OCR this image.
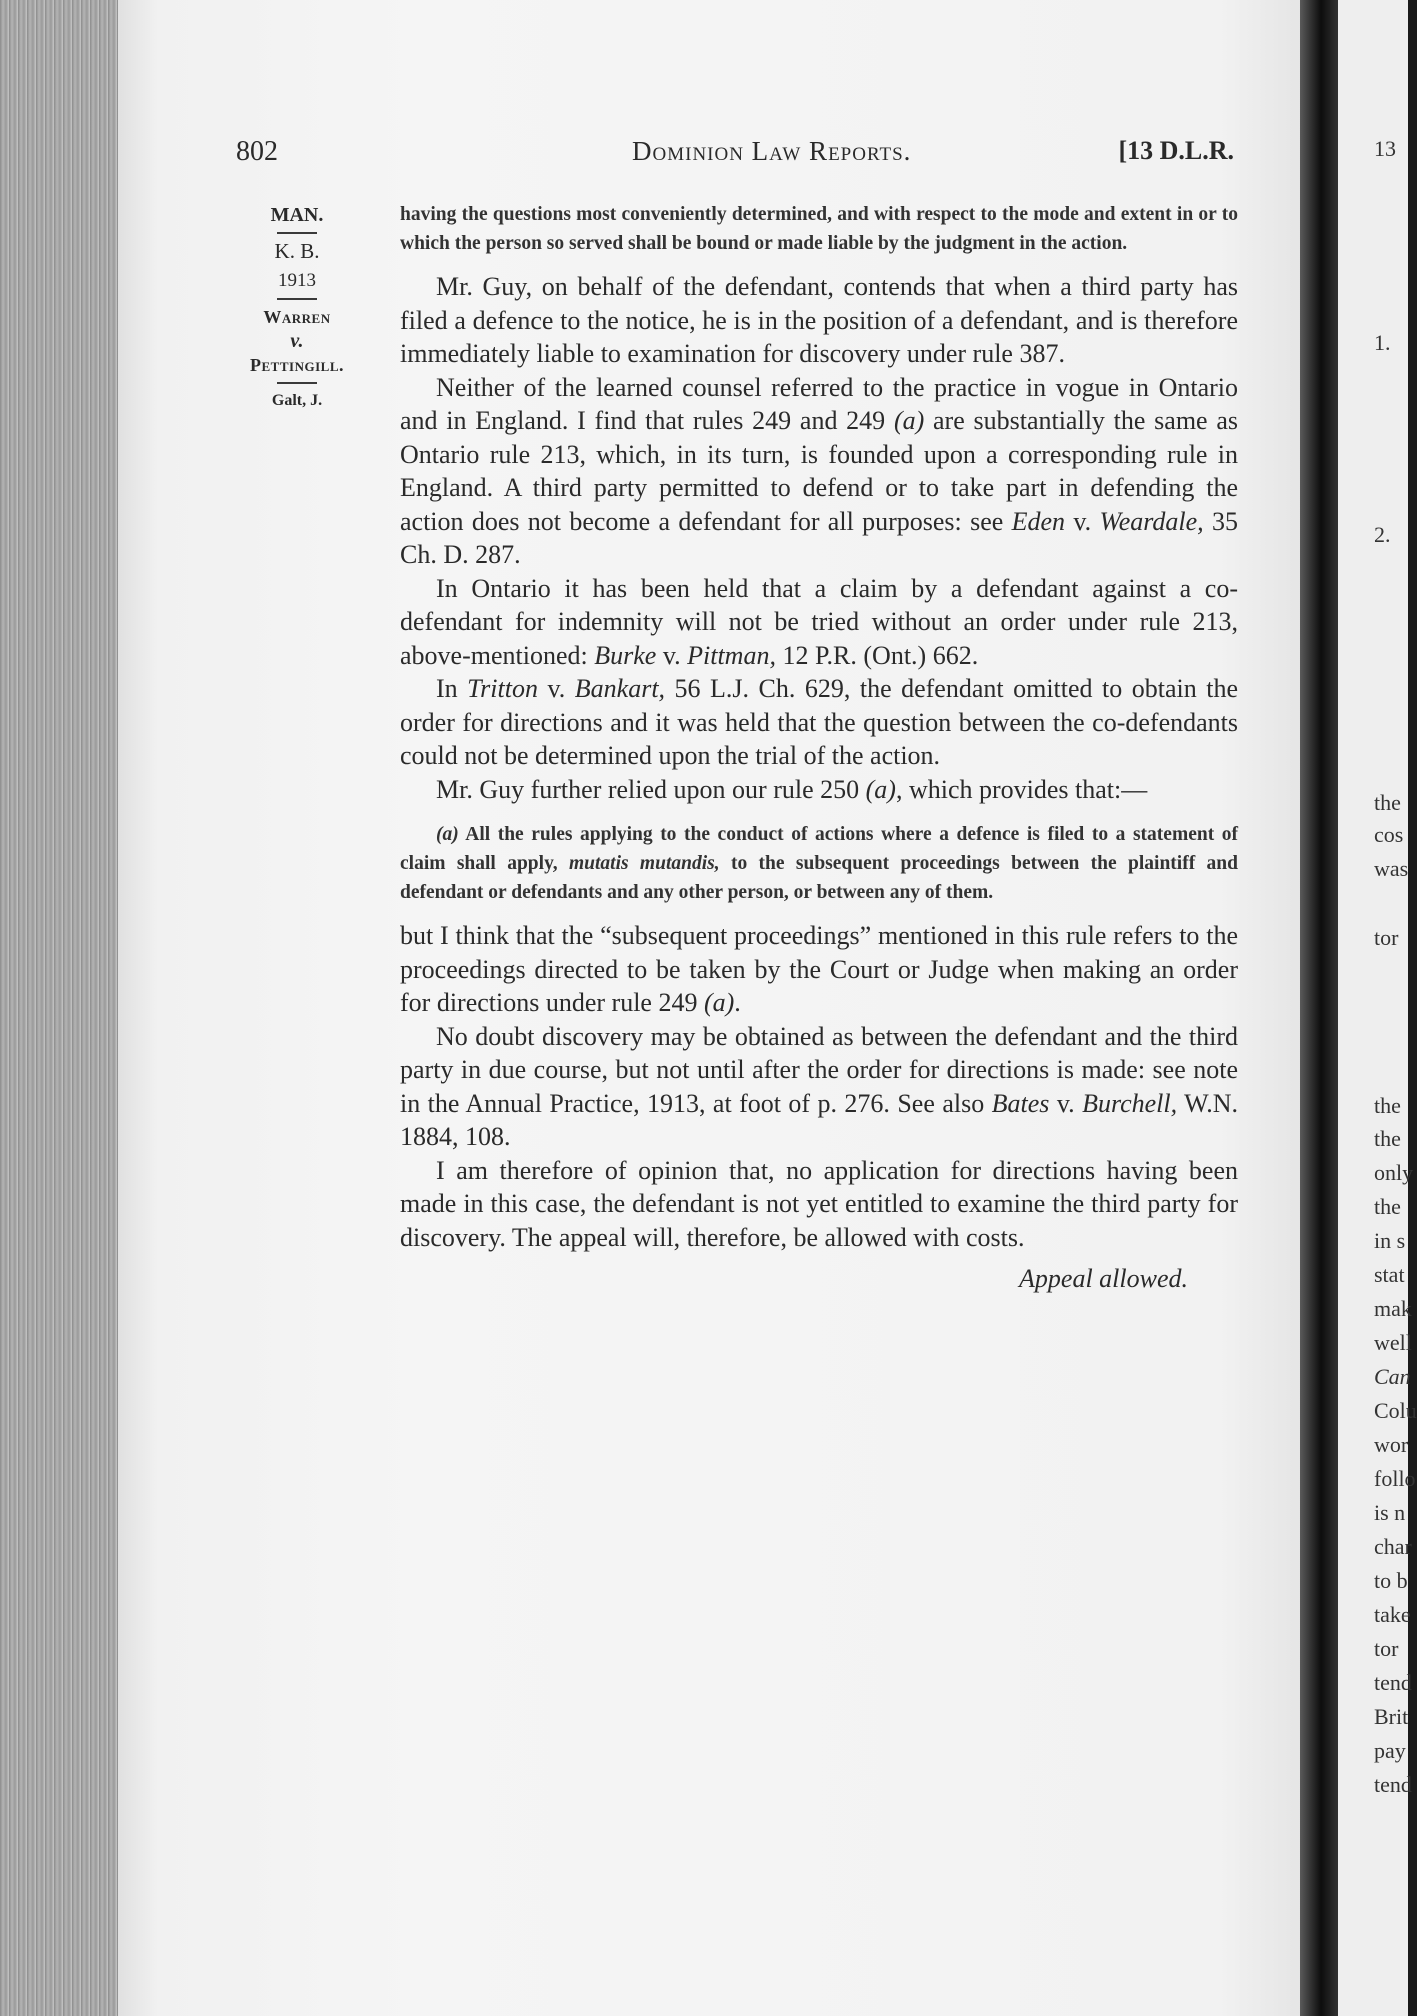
13
1.
2.
the
cos
was
tor
the
the
only
the
in s
stat
mak
well
Can
Colu
wor
follo
is n
char
to b
take
tor
tend
Brit
pay
tend
802	Dominion Law Reports.	[13 D.L.R.
MAN.
K. B.
1913
Warren
v.
Pettingill.
Galt, J.

having the questions most conveniently determined, and with respect to the mode and extent in or to which the person so served shall be bound or made liable by the judgment in the action.

Mr. Guy, on behalf of the defendant, contends that when a third party has filed a defence to the notice, he is in the position of a defendant, and is therefore immediately liable to examination for discovery under rule 387.

Neither of the learned counsel referred to the practice in vogue in Ontario and in England. I find that rules 249 and 249 (a) are substantially the same as Ontario rule 213, which, in its turn, is founded upon a corresponding rule in England. A third party permitted to defend or to take part in defending the action does not become a defendant for all purposes: see Eden v. Weardale, 35 Ch. D. 287.

In Ontario it has been held that a claim by a defendant against a co-defendant for indemnity will not be tried without an order under rule 213, above-mentioned: Burke v. Pittman, 12 P.R. (Ont.) 662.

In Tritton v. Bankart, 56 L.J. Ch. 629, the defendant omitted to obtain the order for directions and it was held that the question between the co-defendants could not be determined upon the trial of the action.

Mr. Guy further relied upon our rule 250 (a), which provides that:—

(a) All the rules applying to the conduct of actions where a defence is filed to a statement of claim shall apply, mutatis mutandis, to the subsequent proceedings between the plaintiff and defendant or defendants and any other person, or between any of them.

but I think that the “subsequent proceedings” mentioned in this rule refers to the proceedings directed to be taken by the Court or Judge when making an order for directions under rule 249 (a).

No doubt discovery may be obtained as between the defendant and the third party in due course, but not until after the order for directions is made: see note in the Annual Practice, 1913, at foot of p. 276. See also Bates v. Burchell, W.N. 1884, 108.

I am therefore of opinion that, no application for directions having been made in this case, the defendant is not yet entitled to examine the third party for discovery. The appeal will, therefore, be allowed with costs.

Appeal allowed.
